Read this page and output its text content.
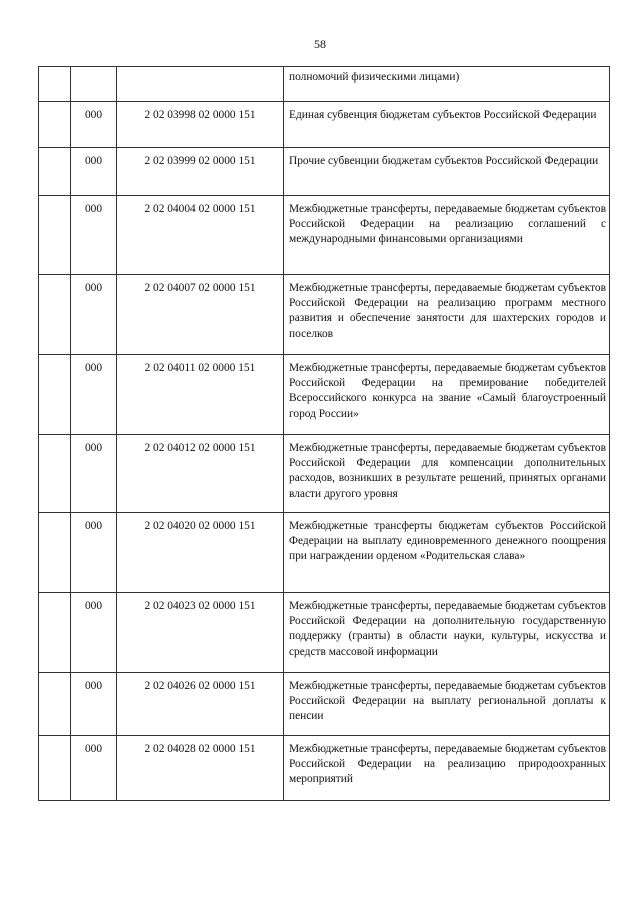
58
			полномочий физическими лицами)
	000	2 02 03998 02 0000 151	Единая субвенция бюджетам субъектов Российской Федерации
	000	2 02 03999 02 0000 151	Прочие субвенции бюджетам субъектов Российской Федерации
	000	2 02 04004 02 0000 151	Межбюджетные трансферты, передаваемые бюджетам субъектов Российской Федерации на реализацию соглашений с международными финансовыми организациями
	000	2 02 04007 02 0000 151	Межбюджетные трансферты, передаваемые бюджетам субъектов Российской Федерации на реализацию программ местного развития и обеспечение занятости для шахтерских городов и поселков
	000	2 02 04011 02 0000 151	Межбюджетные трансферты, передаваемые бюджетам субъектов Российской Федерации на премирование победителей Всероссийского конкурса на звание «Самый благоустроенный город России»
	000	2 02 04012 02 0000 151	Межбюджетные трансферты, передаваемые бюджетам субъектов Российской Федерации для компенсации дополнительных расходов, возникших в результате решений, принятых органами власти другого уровня
	000	2 02 04020 02 0000 151	Межбюджетные трансферты бюджетам субъектов Российской Федерации на выплату единовременного денежного поощрения при награждении орденом «Родительская слава»
	000	2 02 04023 02 0000 151	Межбюджетные трансферты, передаваемые бюджетам субъектов Российской Федерации на дополнительную государственную поддержку (гранты) в области науки, культуры, искусства и средств массовой информации
	000	2 02 04026 02 0000 151	Межбюджетные трансферты, передаваемые бюджетам субъектов Российской Федерации на выплату региональной доплаты к пенсии
	000	2 02 04028 02 0000 151	Межбюджетные трансферты, передаваемые бюджетам субъектов Российской Федерации на реализацию природоохранных мероприятий
